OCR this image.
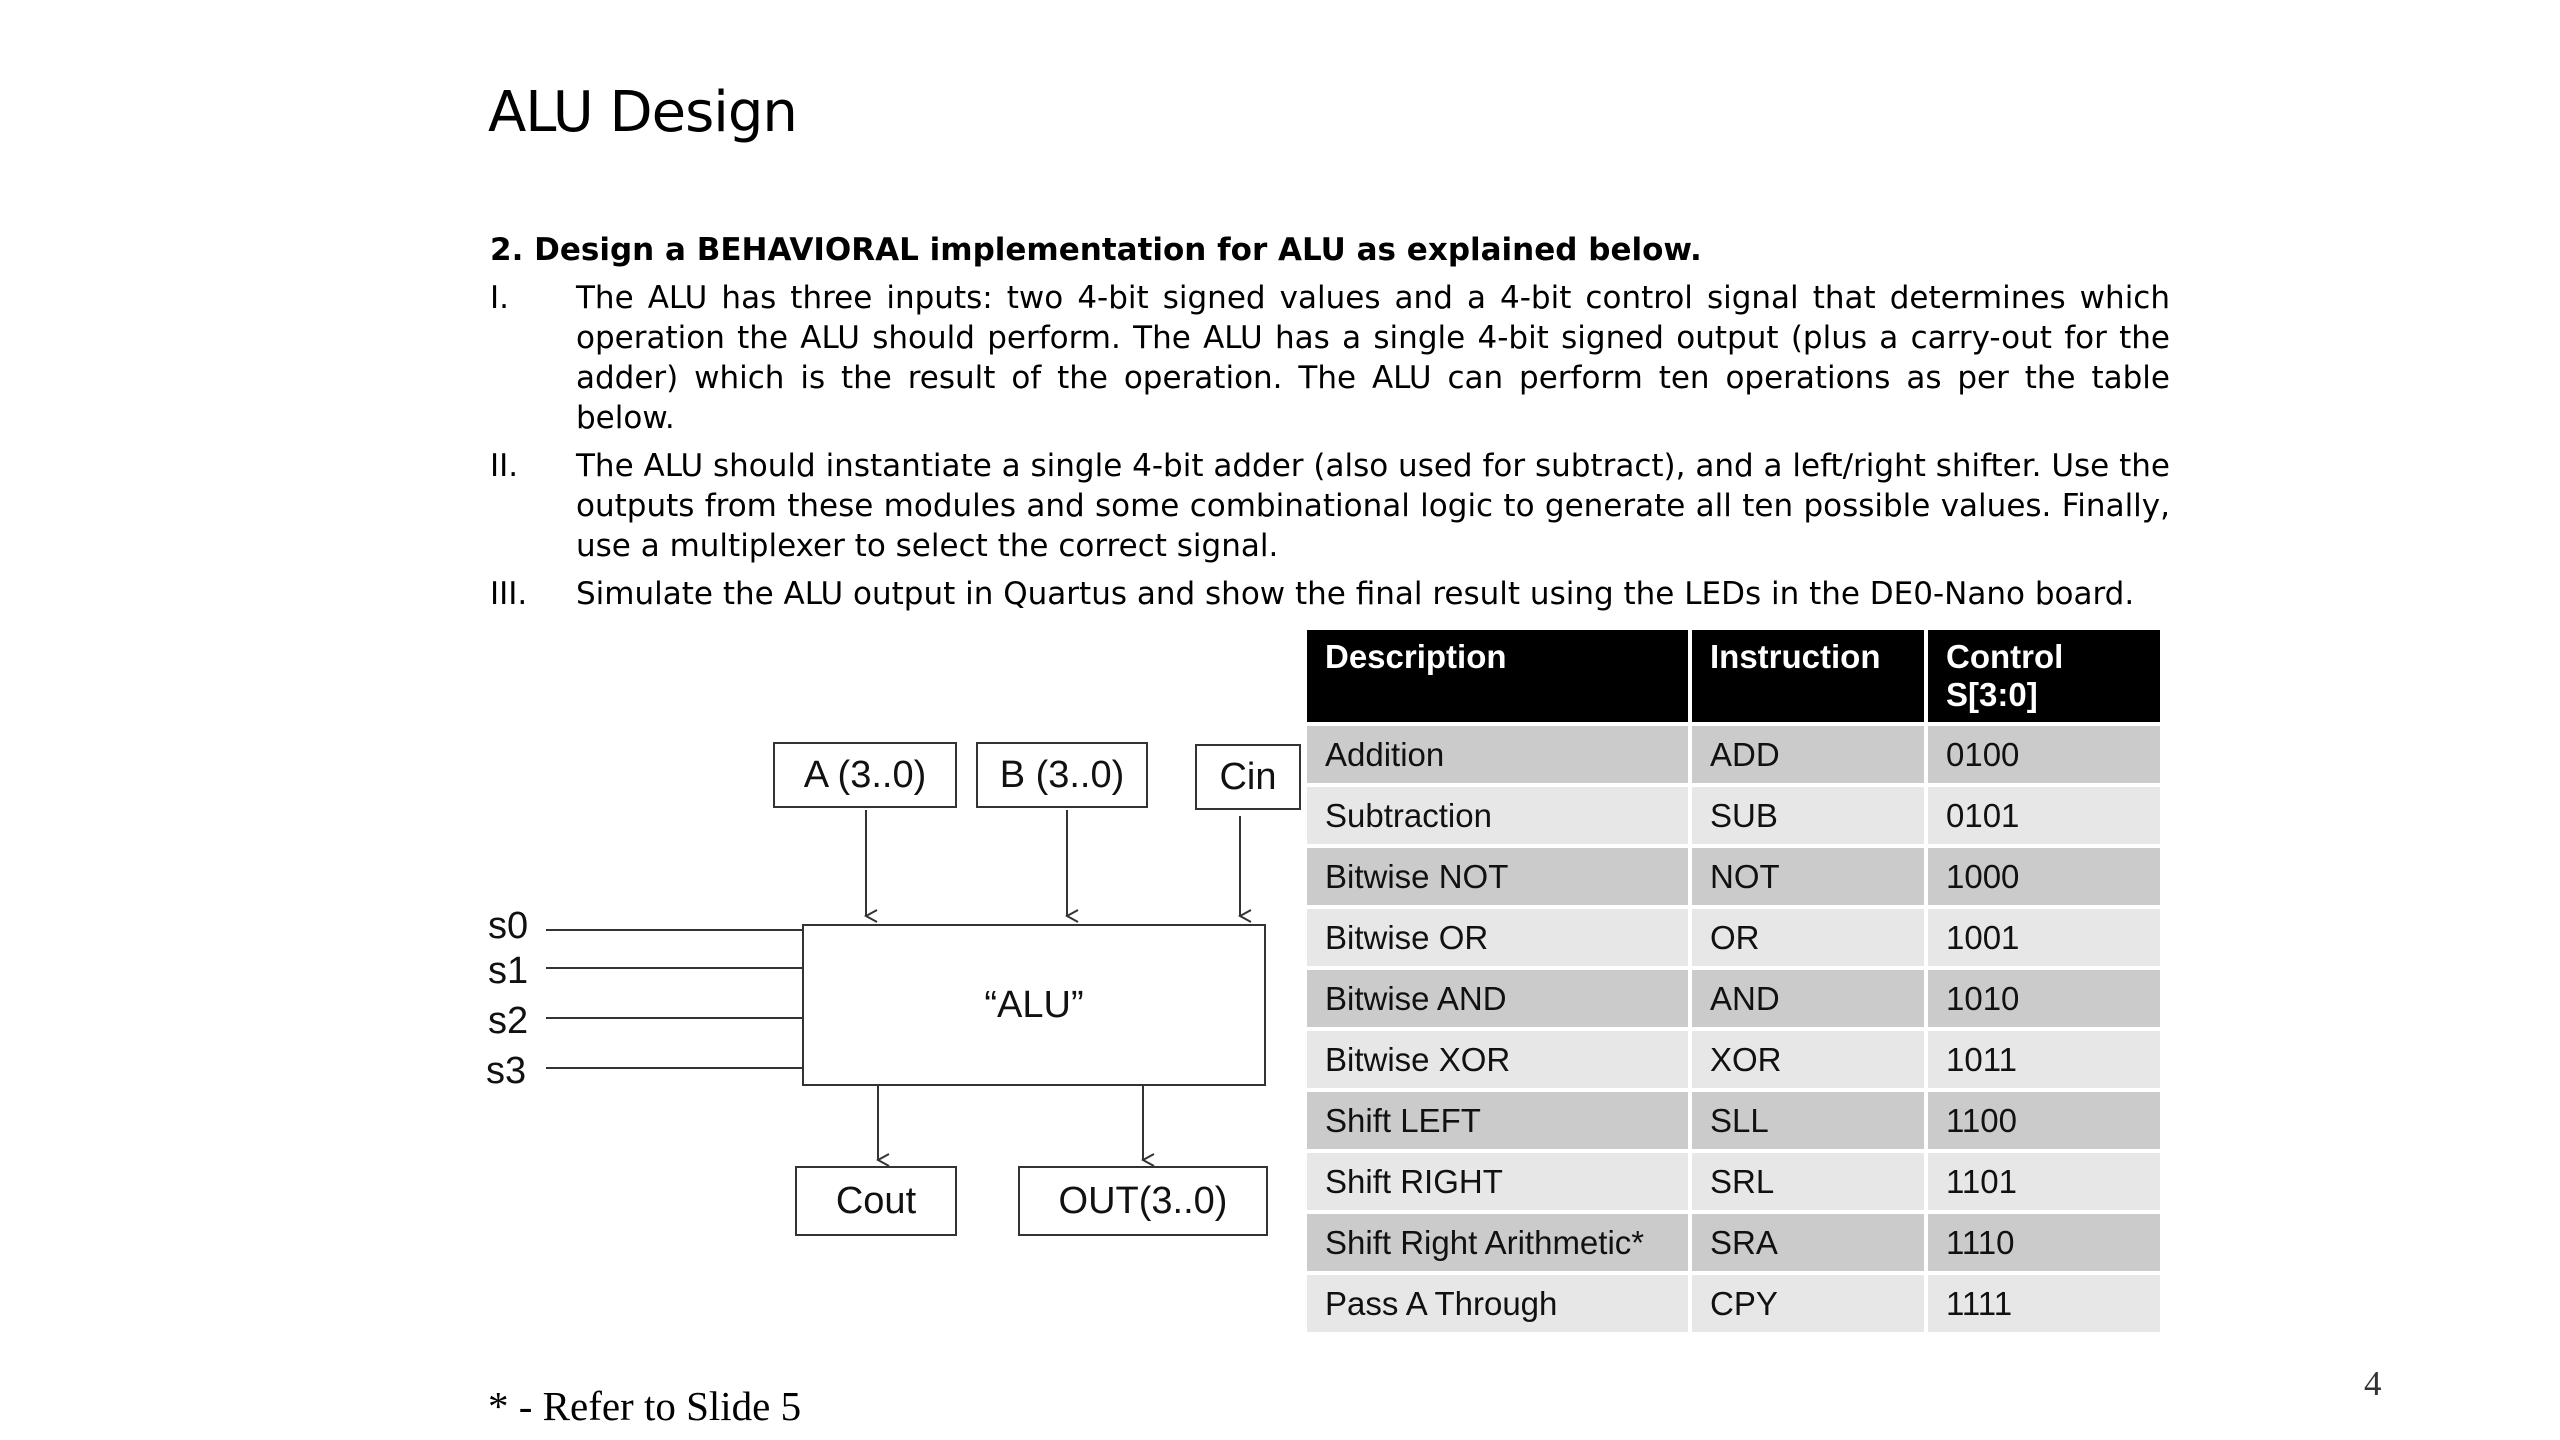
ALU Design
2. Design a BEHAVIORAL implementation for ALU as explained below.
I.	The ALU has three inputs: two 4-bit signed values and a 4-bit control signal that determines which operation the ALU should perform. The ALU has a single 4-bit signed output (plus a carry-out for the adder) which is the result of the operation. The ALU can perform ten operations as per the table below.
II.	The ALU should instantiate a single 4-bit adder (also used for subtract), and a left/right shifter. Use the outputs from these modules and some combinational logic to generate all ten possible values. Finally, use a multiplexer to select the correct signal.
III.	Simulate the ALU output in Quartus and show the final result using the LEDs in the DE0-Nano board.
A (3..0) B (3..0)	Cin
“ALU”
Cout	OUT(3..0)
s0
s1
s2
s3
Description	Instruction	Control S[3:0]
Addition	ADD	0100
Subtraction	SUB	0101
Bitwise NOT	NOT	1000
Bitwise OR	OR	1001
Bitwise AND	AND	1010
Bitwise XOR	XOR	1011
Shift LEFT	SLL	1100
Shift RIGHT	SRL	1101
Shift Right Arithmetic*	SRA	1110
Pass A Through	CPY	1111
* - Refer to Slide 5	4
